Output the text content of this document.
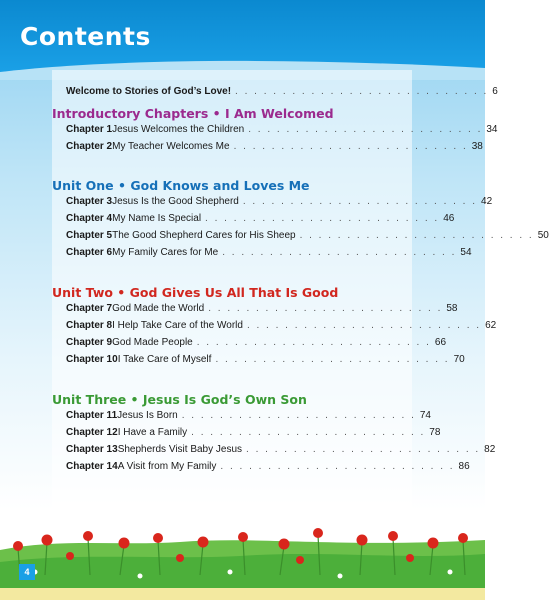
Contents
Welcome to Stories of God’s Love! . . . . . . . . . . . . . . . . . . . . . . . . . . . 6
Introductory Chapters • I Am Welcomed
Chapter 1 Jesus Welcomes the Children . . . . . . . . . . . . . . . . . . . . . . . . . 34
Chapter 2 My Teacher Welcomes Me . . . . . . . . . . . . . . . . . . . . . . . . . 38
Unit One • God Knows and Loves Me
Chapter 3 Jesus Is the Good Shepherd . . . . . . . . . . . . . . . . . . . . . . . . . 42
Chapter 4 My Name Is Special . . . . . . . . . . . . . . . . . . . . . . . . . 46
Chapter 5 The Good Shepherd Cares for His Sheep . . . . . . . . . . . . . . . . . . . . . . . . . 50
Chapter 6 My Family Cares for Me . . . . . . . . . . . . . . . . . . . . . . . . . 54
Unit Two • God Gives Us All That Is Good
Chapter 7 God Made the World . . . . . . . . . . . . . . . . . . . . . . . . . 58
Chapter 8 I Help Take Care of the World . . . . . . . . . . . . . . . . . . . . . . . . . 62
Chapter 9 God Made People . . . . . . . . . . . . . . . . . . . . . . . . . 66
Chapter 10 I Take Care of Myself . . . . . . . . . . . . . . . . . . . . . . . . . 70
Unit Three • Jesus Is God’s Own Son
Chapter 11 Jesus Is Born . . . . . . . . . . . . . . . . . . . . . . . . . 74
Chapter 12 I Have a Family . . . . . . . . . . . . . . . . . . . . . . . . . 78
Chapter 13 Shepherds Visit Baby Jesus . . . . . . . . . . . . . . . . . . . . . . . . . 82
Chapter 14 A Visit from My Family . . . . . . . . . . . . . . . . . . . . . . . . . 86
4
